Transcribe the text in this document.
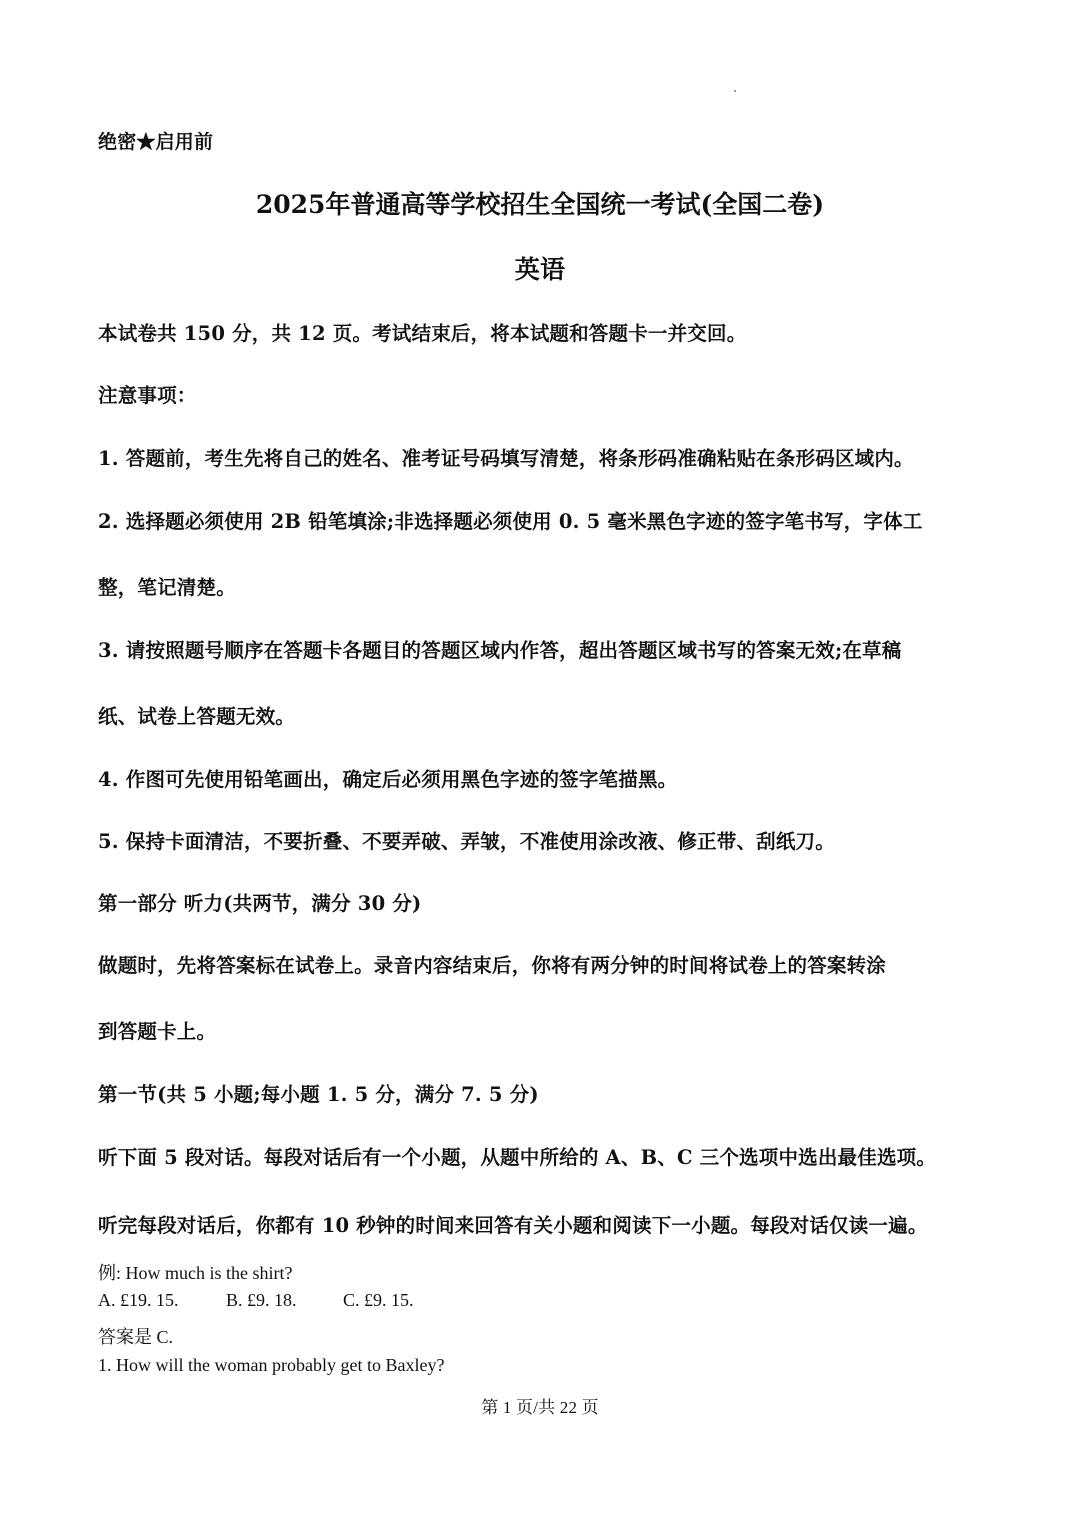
绝密★启用前
2025年普通高等学校招生全国统一考试(全国二卷)
英语
本试卷共 150 分，共 12 页。考试结束后，将本试题和答题卡一并交回。
注意事项：
1. 答题前，考生先将自己的姓名、准考证号码填写清楚，将条形码准确粘贴在条形码区域内。
2. 选择题必须使用 2B 铅笔填涂;非选择题必须使用 0. 5 毫米黑色字迹的签字笔书写，字体工
整，笔记清楚。
3. 请按照题号顺序在答题卡各题目的答题区域内作答，超出答题区域书写的答案无效;在草稿
纸、试卷上答题无效。
4. 作图可先使用铅笔画出，确定后必须用黑色字迹的签字笔描黑。
5. 保持卡面清洁，不要折叠、不要弄破、弄皱，不准使用涂改液、修正带、刮纸刀。
第一部分 听力(共两节，满分 30 分)
做题时，先将答案标在试卷上。录音内容结束后，你将有两分钟的时间将试卷上的答案转涂
到答题卡上。
第一节(共 5 小题;每小题 1. 5 分，满分 7. 5 分)
听下面 5 段对话。每段对话后有一个小题，从题中所给的 A、B、C 三个选项中选出最佳选项。
听完每段对话后，你都有 10 秒钟的时间来回答有关小题和阅读下一小题。每段对话仅读一遍。
例: How much is the shirt?
A. £19. 15.	B. £9. 18.	C. £9. 15.
答案是 C.
1. How will the woman probably get to Baxley?
第 1 页/共 22 页
